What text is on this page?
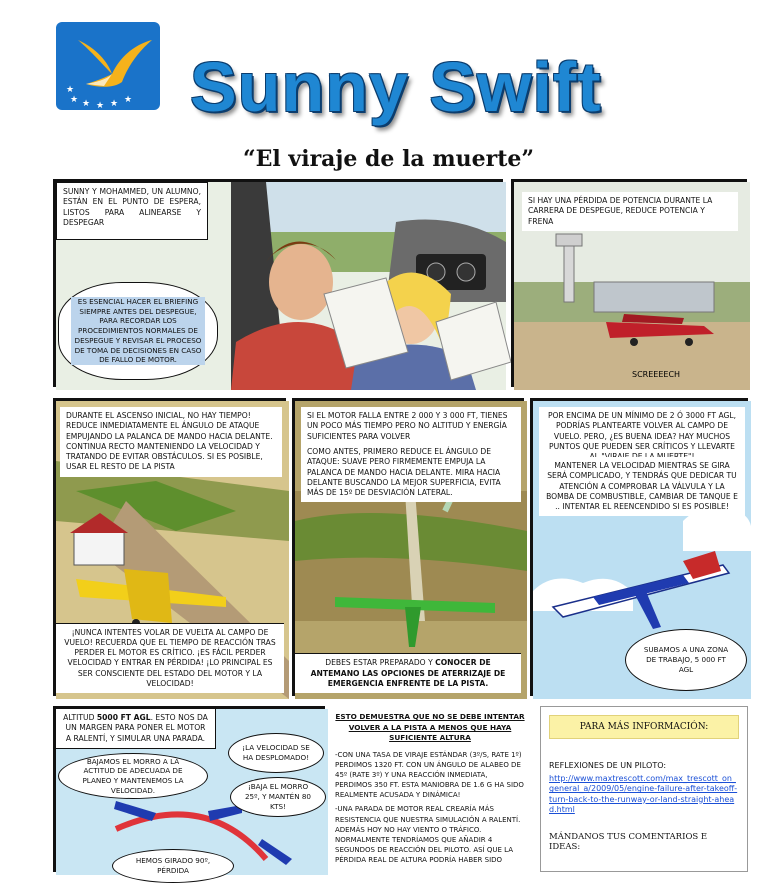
★ ★ ★ ★ ★
★ Sunny Swift
“El viraje de la muerte”
SUNNY Y MOHAMMED, UN ALUMNO, ESTÁN EN EL PUNTO DE ESPERA, LISTOS PARA ALINEARSE Y DESPEGAR
ES ESENCIAL HACER EL BRIEFING SIEMPRE ANTES DEL DESPEGUE, PARA RECORDAR LOS PROCEDIMIENTOS NORMALES DE DESPEGUE Y REVISAR EL PROCESO DE TOMA DE DECISIONES EN CASO DE FALLO DE MOTOR.
SCREEEECH
SI HAY UNA PÉRDIDA DE POTENCIA DURANTE LA CARRERA DE DESPEGUE, REDUCE POTENCIA Y FRENA
DURANTE EL ASCENSO INICIAL, NO HAY TIEMPO! REDUCE INMEDIATAMENTE EL ÁNGULO DE ATAQUE EMPUJANDO LA PALANCA DE MANDO HACIA DELANTE. CONTINUA RECTO MANTENIENDO LA VELOCIDAD Y TRATANDO DE EVITAR OBSTÁCULOS. SI ES POSIBLE, USAR EL RESTO DE LA PISTA
¡NUNCA INTENTES VOLAR DE VUELTA AL CAMPO DE VUELO! RECUERDA QUE EL TIEMPO DE REACCIÓN TRAS PERDER EL MOTOR ES CRÍTICO. ¡ES FÁCIL PERDER VELOCIDAD Y ENTRAR EN PÉRDIDA! ¡LO PRINCIPAL ES SER CONSCIENTE DEL ESTADO DEL MOTOR Y LA VELOCIDAD!
SI EL MOTOR FALLA ENTRE 2 000 Y 3 000 FT, TIENES UN POCO MÁS TIEMPO PERO NO ALTITUD Y ENERGÍA SUFICIENTES PARA VOLVER
COMO ANTES, PRIMERO REDUCE EL ÁNGULO DE ATAQUE: SUAVE PERO FIRMEMENTE EMPUJA LA PALANCA DE MANDO HACIA DELANTE. MIRA HACIA DELANTE BUSCANDO LA MEJOR SUPERFICIA, EVITA MÁS DE 15º DE DESVIACIÓN LATERAL.
DEBES ESTAR PREPARADO Y CONOCER DE ANTEMANO LAS OPCIONES DE ATERRIZAJE DE EMERGENCIA ENFRENTE DE LA PISTA.
POR ENCIMA DE UN MÍNIMO DE 2 Ó 3000 FT AGL, PODRÍAS PLANTEARTE VOLVER AL CAMPO DE VUELO. PERO, ¿ES BUENA IDEA? HAY MUCHOS PUNTOS QUE PUEDEN SER CRÍTICOS Y LLEVARTE
MANTENER LA VELOCIDAD MIENTRAS SE GIRA SERÁ COMPLICADO, Y TENDRÁS QUE DEDICAR TU ATENCIÓN A COMPROBAR LA VÁLVULA Y LA BOMBA DE COMBUSTIBLE, CAMBIAR DE TANQUE E .. INTENTAR EL REENCENDIDO SI ES POSIBLE!
SUBAMOS A UNA ZONA DE TRABAJO, 5 000 FT AGL
ALTITUD 5000 FT AGL. ESTO NOS DA UN MARGEN PARA PONER EL MOTOR A RALENTÍ, Y SIMULAR UNA PARADA.
BAJAMOS EL MORRO A LA ACTITUD DE ADECUADA DE PLANEO Y MANTENEMOS LA VELOCIDAD.
¡LA VELOCIDAD SE HA DESPLOMADO!
¡BAJA EL MORRO 25º, Y MANTÉN 80 KTS!
HEMOS GIRADO 90º, PÉRDIDA
ESTO DEMUESTRA QUE NO SE DEBE INTENTAR VOLVER A LA PISTA A MENOS QUE HAYA SUFICIENTE ALTURA
-CON UNA TASA DE VIRAJE ESTÁNDAR (3º/S, RATE 1º) PERDIMOS 1320 FT. CON UN ÁNGULO DE ALABEO DE 45º (RATE 3º) Y UNA REACCIÓN INMEDIATA, PERDIMOS 350 FT. ESTA MANIOBRA DE 1.6 G HA SIDO REALMENTE ACUSADA Y DINÁMICA!
-UNA PARADA DE MOTOR REAL CREARÍA MÁS RESISTENCIA QUE NUESTRA SIMULACIÓN A RALENTÍ. ADEMÁS HOY NO HAY VIENTO O TRÁFICO. NORMALMENTE TENDRÍAMOS QUE AÑADIR 4 SEGUNDOS DE REACCIÓN DEL PILOTO. ASÍ QUE LA PÉRDIDA REAL DE ALTURA PODRÍA HABER SIDO
PARA MÁS INFORMACIÓN:
REFLEXIONES DE UN PILOTO:
http://www.maxtrescott.com/max_trescott_on_general_a/2009/05/engine-failure-after-takeoff-turn-back-to-the-runway-or-land-straight-ahead.html
MÁNDANOS TUS COMENTARIOS E IDEAS:
